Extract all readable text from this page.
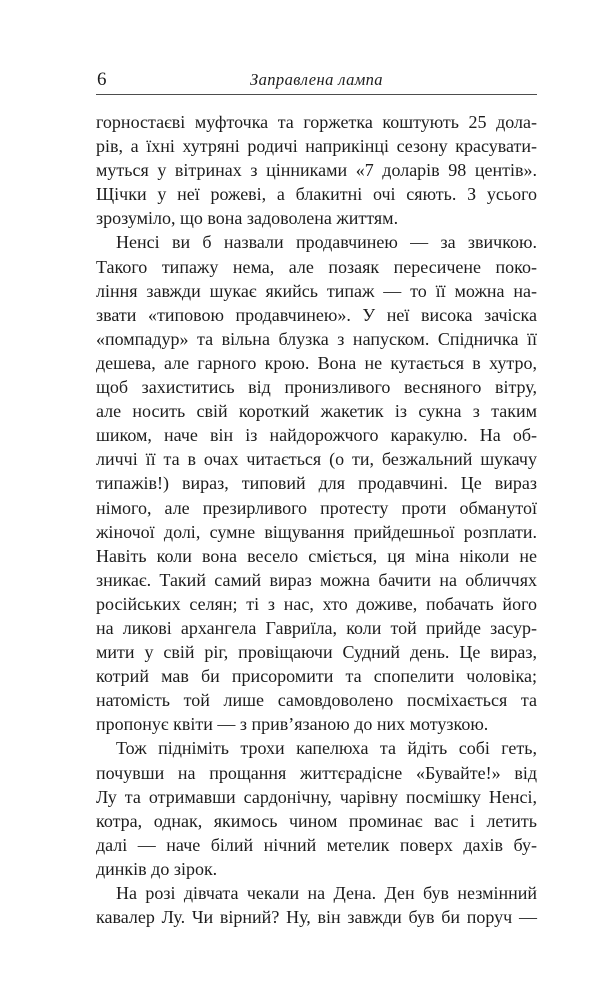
6	Заправлена лампа
горностаєві муфточка та горжетка коштують 25 дола-
рів, а їхні хутряні родичі наприкінці сезону красувати-
муться у вітринах з цінниками «7 доларів 98 центів».
Щічки у неї рожеві, а блакитні очі сяють. З усього
зрозуміло, що вона задоволена життям.
Ненсі ви б назвали продавчинею — за звичкою.
Такого типажу нема, але позаяк пересичене поко-
ління завжди шукає якийсь типаж — то її можна на-
звати «типовою продавчинею». У неї висока зачіска
«помпадур» та вільна блузка з напуском. Спідничка її
дешева, але гарного крою. Вона не кутається в хутро,
щоб захиститись від пронизливого весняного вітру,
але носить свій короткий жакетик із сукна з таким
шиком, наче він із найдорожчого каракулю. На об-
личчі її та в очах читається (о ти, безжальний шукачу
типажів!) вираз, типовий для продавчині. Це вираз
німого, але презирливого протесту проти обманутої
жіночої долі, сумне віщування прийдешньої розплати.
Навіть коли вона весело сміється, ця міна ніколи не
зникає. Такий самий вираз можна бачити на обличчях
російських селян; ті з нас, хто доживе, побачать його
на ликові архангела Гавриїла, коли той прийде засур-
мити у свій ріг, провіщаючи Судний день. Це вираз,
котрий мав би присоромити та спопелити чоловіка;
натомість той лише самовдоволено посміхається та
пропонує квіти — з прив’язаною до них мотузкою.
Тож підніміть трохи капелюха та йдіть собі геть,
почувши на прощання життєрадісне «Бувайте!» від
Лу та отримавши сардонічну, чарівну посмішку Ненсі,
котра, однак, якимось чином проминає вас і летить
далі — наче білий нічний метелик поверх дахів бу-
динків до зірок.
На розі дівчата чекали на Дена. Ден був незмінний
кавалер Лу. Чи вірний? Ну, він завжди був би поруч —
